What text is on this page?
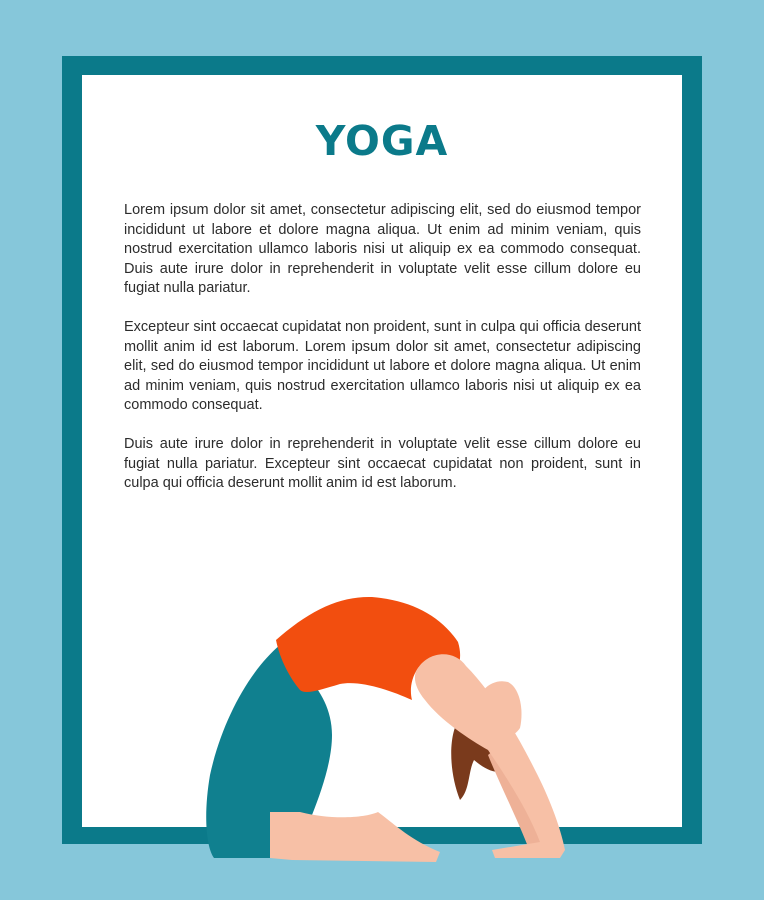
YOGA

Lorem ipsum dolor sit amet, consectetur adipiscing elit, sed do eiusmod tempor incididunt ut labore et dolore magna aliqua. Ut enim ad minim veniam, quis nostrud exercitation ullamco laboris nisi ut aliquip ex ea commodo consequat. Duis aute irure dolor in reprehenderit in voluptate velit esse cillum dolore eu fugiat nulla pariatur.

Excepteur sint occaecat cupidatat non proident, sunt in culpa qui officia deserunt mollit anim id est laborum. Lorem ipsum dolor sit amet, consectetur adipiscing elit, sed do eiusmod tempor incididunt ut labore et dolore magna aliqua. Ut enim ad minim veniam, quis nostrud exercitation ullamco laboris nisi ut aliquip ex ea commodo consequat.

Duis aute irure dolor in reprehenderit in voluptate velit esse cillum dolore eu fugiat nulla pariatur. Excepteur sint occaecat cupidatat non proident, sunt in culpa qui officia deserunt mollit anim id est laborum.
